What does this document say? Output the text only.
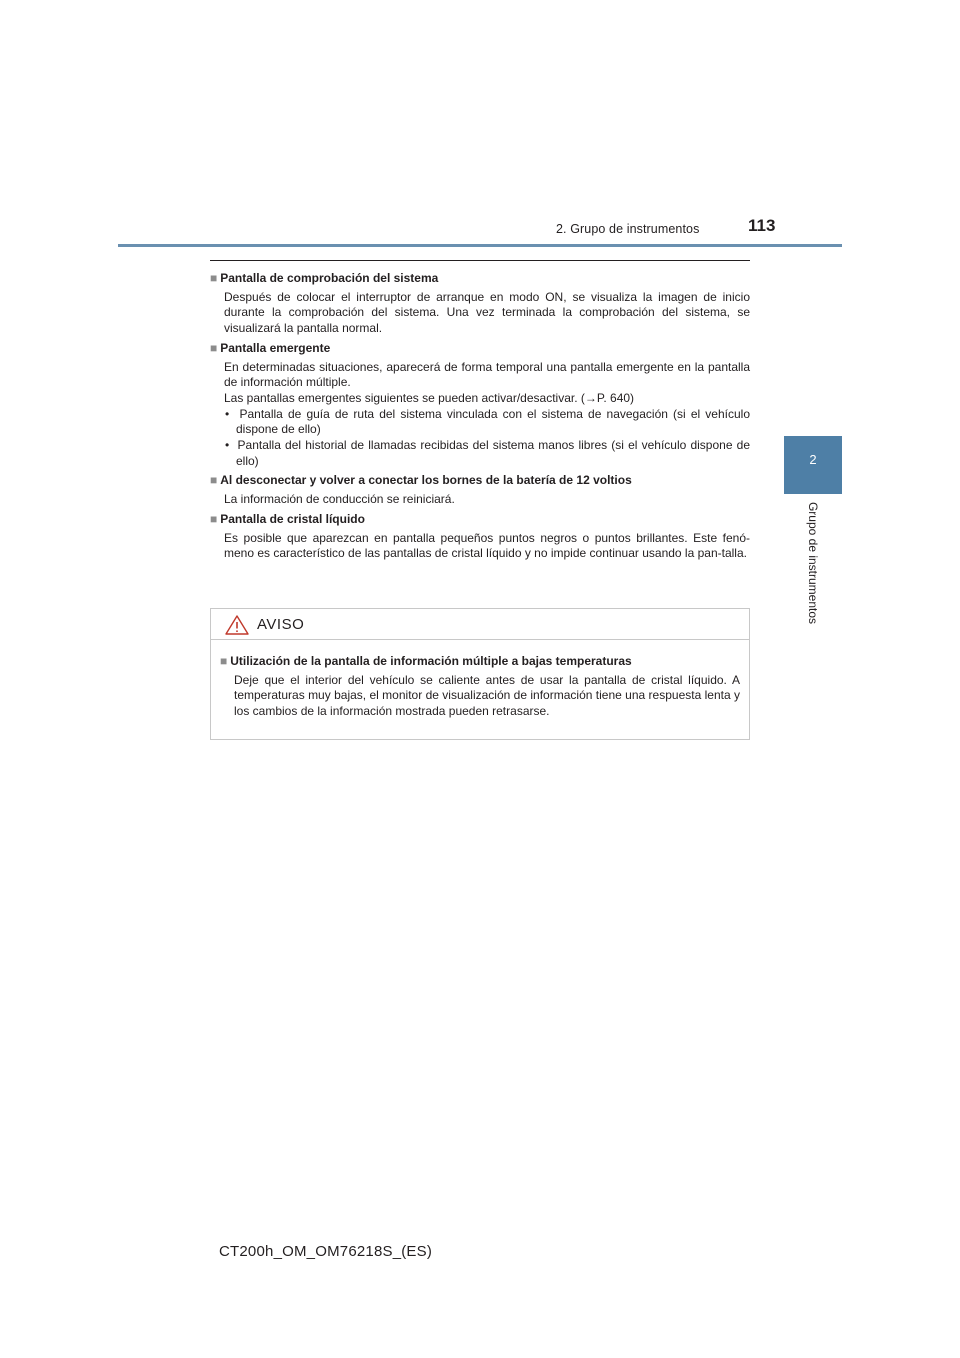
2. Grupo de instrumentos	113
2
Grupo de instrumentos
■ Pantalla de comprobación del sistema
Después de colocar el interruptor de arranque en modo ON, se visualiza la imagen de inicio durante la comprobación del sistema. Una vez terminada la comprobación del sistema, se visualizará la pantalla normal.
■ Pantalla emergente
En determinadas situaciones, aparecerá de forma temporal una pantalla emergente en la pantalla de información múltiple.
Las pantallas emergentes siguientes se pueden activar/desactivar. (→P. 640)
•  Pantalla de guía de ruta del sistema vinculada con el sistema de navegación (si el vehículo dispone de ello)
•  Pantalla del historial de llamadas recibidas del sistema manos libres (si el vehículo dispone de ello)
■ Al desconectar y volver a conectar los bornes de la batería de 12 voltios
La información de conducción se reiniciará.
■ Pantalla de cristal líquido
Es posible que aparezcan en pantalla pequeños puntos negros o puntos brillantes. Este fenó-meno es característico de las pantallas de cristal líquido y no impide continuar usando la pan-talla.
AVISO
■ Utilización de la pantalla de información múltiple a bajas temperaturas
Deje que el interior del vehículo se caliente antes de usar la pantalla de cristal líquido. A temperaturas muy bajas, el monitor de visualización de información tiene una respuesta lenta y los cambios de la información mostrada pueden retrasarse.
CT200h_OM_OM76218S_(ES)
